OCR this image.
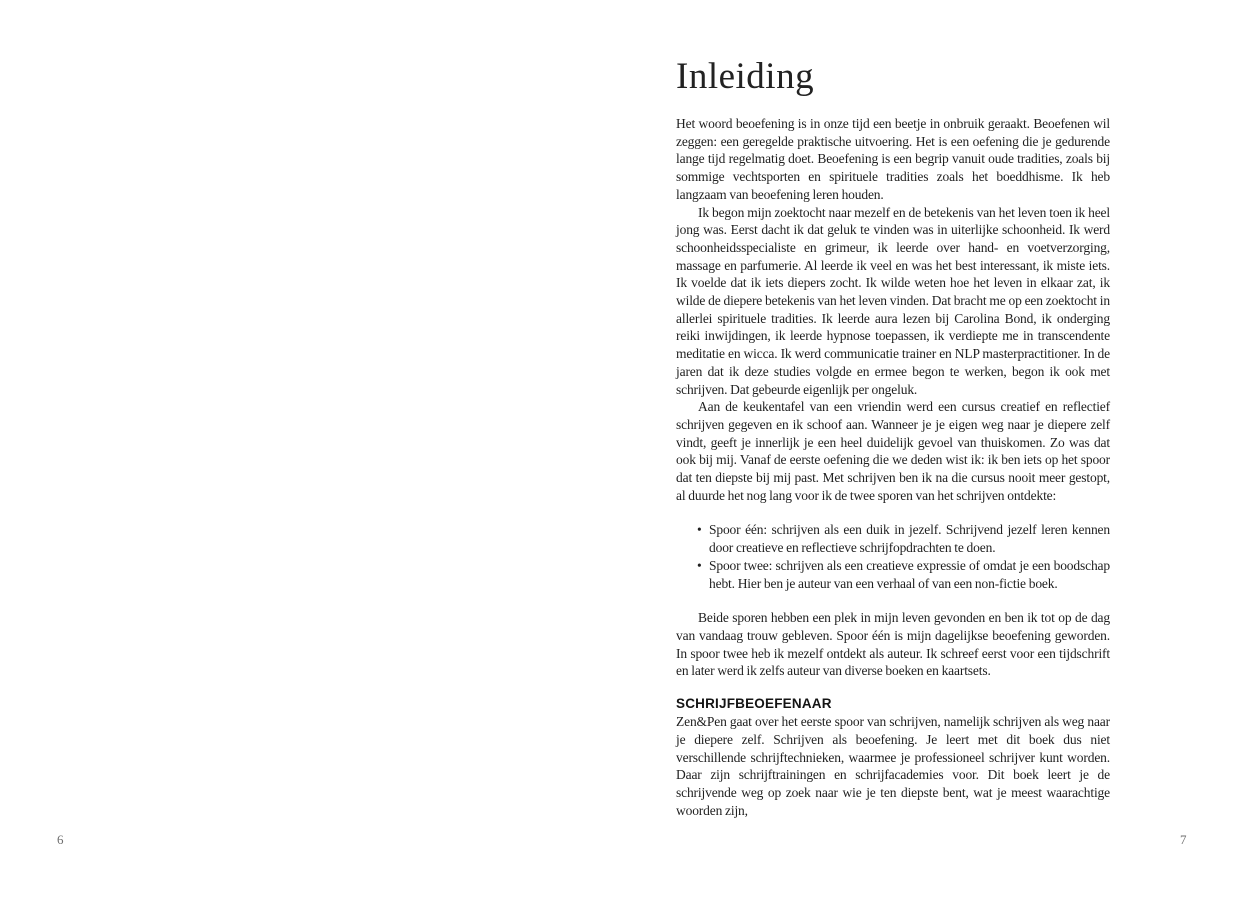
6
Inleiding

Het woord beoefening is in onze tijd een beetje in onbruik geraakt. Beoefenen wil zeggen: een geregelde praktische uitvoering. Het is een oefening die je gedurende lange tijd regelmatig doet. Beoefening is een begrip vanuit oude tradities, zoals bij sommige vechtsporten en spirituele tradities zoals het boeddhisme. Ik heb langzaam van beoefening leren houden.

Ik begon mijn zoektocht naar mezelf en de betekenis van het leven toen ik heel jong was. Eerst dacht ik dat geluk te vinden was in uiterlijke schoonheid. Ik werd schoonheidsspecialiste en grimeur, ik leerde over hand- en voetverzorging, massage en parfumerie. Al leerde ik veel en was het best interessant, ik miste iets. Ik voelde dat ik iets diepers zocht. Ik wilde weten hoe het leven in elkaar zat, ik wilde de diepere betekenis van het leven vinden. Dat bracht me op een zoektocht in allerlei spirituele tradities. Ik leerde aura lezen bij Carolina Bond, ik onderging reiki inwijdingen, ik leerde hypnose toepassen, ik verdiepte me in transcendente meditatie en wicca. Ik werd communicatie trainer en NLP masterpractitioner. In de jaren dat ik deze studies volgde en ermee begon te werken, begon ik ook met schrijven. Dat gebeurde eigenlijk per ongeluk.

Aan de keukentafel van een vriendin werd een cursus creatief en reflectief schrijven gegeven en ik schoof aan. Wanneer je je eigen weg naar je diepere zelf vindt, geeft je innerlijk je een heel duidelijk gevoel van thuiskomen. Zo was dat ook bij mij. Vanaf de eerste oefening die we deden wist ik: ik ben iets op het spoor dat ten diepste bij mij past. Met schrijven ben ik na die cursus nooit meer gestopt, al duurde het nog lang voor ik de twee sporen van het schrijven ontdekte:

• Spoor één: schrijven als een duik in jezelf. Schrijvend jezelf leren kennen door creatieve en reflectieve schrijfopdrachten te doen.
• Spoor twee: schrijven als een creatieve expressie of omdat je een boodschap hebt. Hier ben je auteur van een verhaal of van een non-fictie boek.

Beide sporen hebben een plek in mijn leven gevonden en ben ik tot op de dag van vandaag trouw gebleven. Spoor één is mijn dagelijkse beoefening geworden. In spoor twee heb ik mezelf ontdekt als auteur. Ik schreef eerst voor een tijdschrift en later werd ik zelfs auteur van diverse boeken en kaartsets.

SCHRIJFBEOEFENAAR

Zen&Pen gaat over het eerste spoor van schrijven, namelijk schrijven als weg naar je diepere zelf. Schrijven als beoefening. Je leert met dit boek dus niet verschillende schrijftechnieken, waarmee je professioneel schrijver kunt worden. Daar zijn schrijftrainingen en schrijfacademies voor. Dit boek leert je de schrijvende weg op zoek naar wie je ten diepste bent, wat je meest waarachtige woorden zijn,

7
